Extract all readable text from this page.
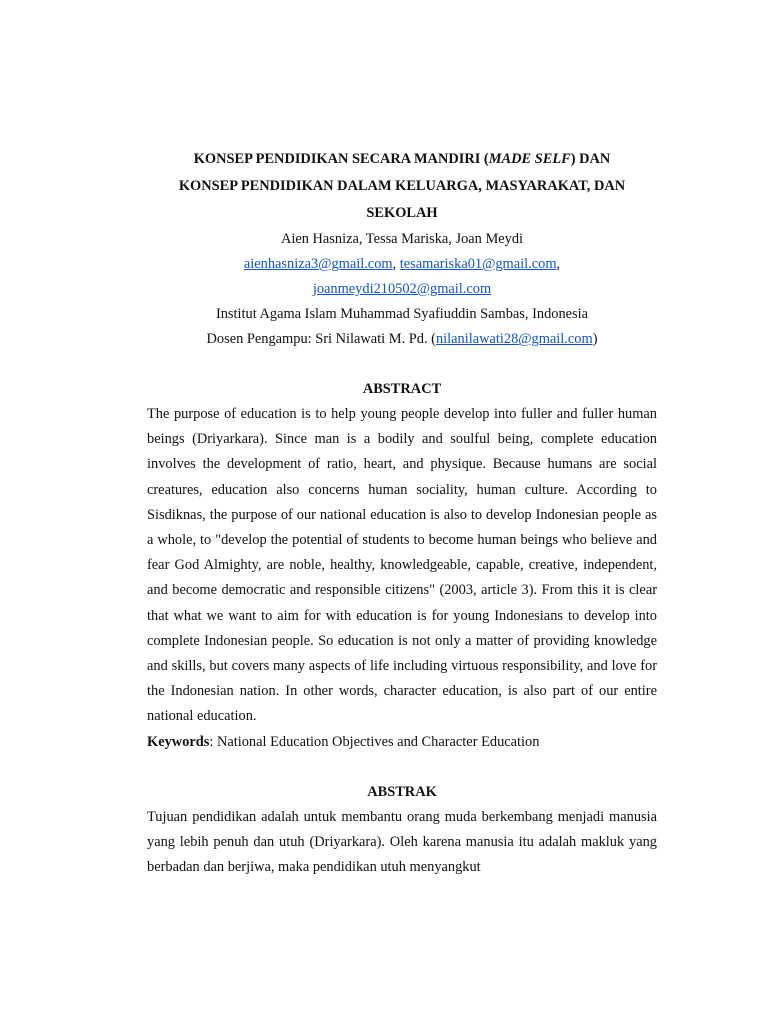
KONSEP PENDIDIKAN SECARA MANDIRI (MADE SELF) DAN
KONSEP PENDIDIKAN DALAM KELUARGA, MASYARAKAT, DAN
SEKOLAH
Aien Hasniza, Tessa Mariska, Joan Meydi
aienhasniza3@gmail.com, tesamariska01@gmail.com,
joanmeydi210502@gmail.com
Institut Agama Islam Muhammad Syafiuddin Sambas, Indonesia
Dosen Pengampu: Sri Nilawati M. Pd. (nilanilawati28@gmail.com)
ABSTRACT

The purpose of education is to help young people develop into fuller and fuller human beings (Driyarkara). Since man is a bodily and soulful being, complete education involves the development of ratio, heart, and physique. Because humans are social creatures, education also concerns human sociality, human culture. According to Sisdiknas, the purpose of our national education is also to develop Indonesian people as a whole, to "develop the potential of students to become human beings who believe and fear God Almighty, are noble, healthy, knowledgeable, capable, creative, independent, and become democratic and responsible citizens" (2003, article 3). From this it is clear that what we want to aim for with education is for young Indonesians to develop into complete Indonesian people. So education is not only a matter of providing knowledge and skills, but covers many aspects of life including virtuous responsibility, and love for the Indonesian nation. In other words, character education, is also part of our entire national education.

Keywords: National Education Objectives and Character Education
ABSTRAK

Tujuan pendidikan adalah untuk membantu orang muda berkembang menjadi manusia yang lebih penuh dan utuh (Driyarkara). Oleh karena manusia itu adalah makluk yang berbadan dan berjiwa, maka pendidikan utuh menyangkut
